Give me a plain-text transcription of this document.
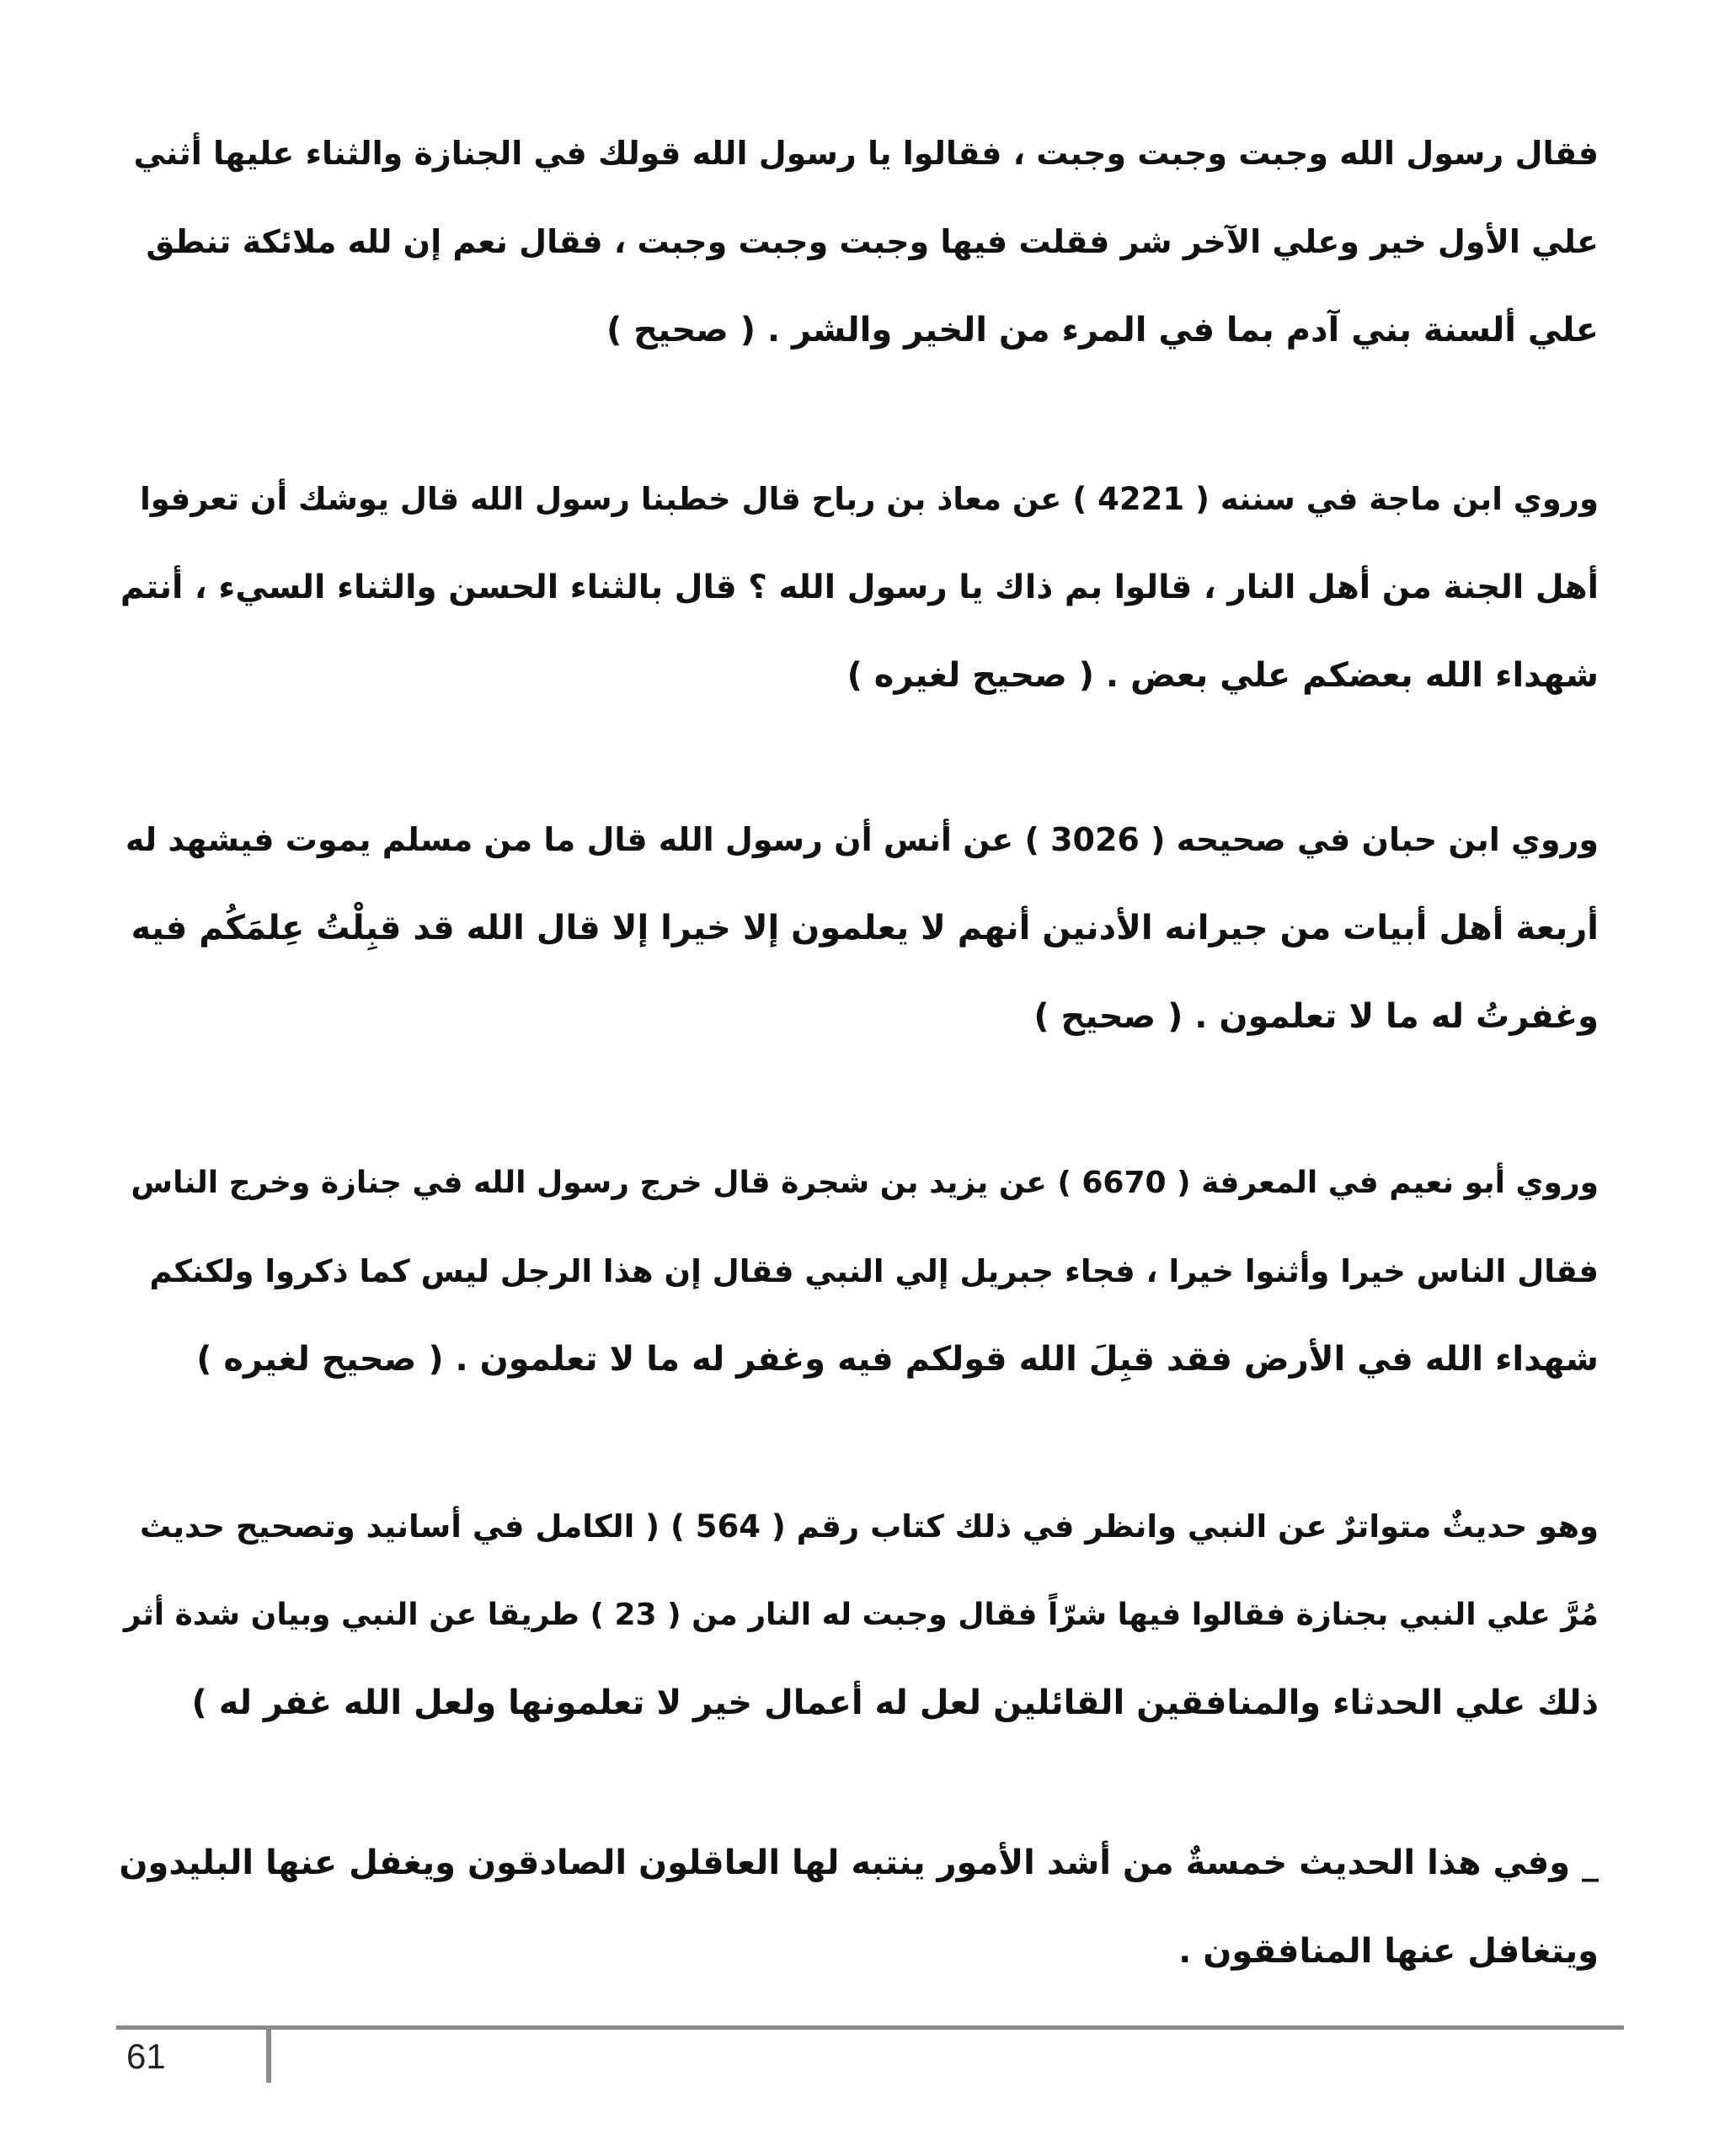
فقال رسول الله وجبت وجبت وجبت ، فقالوا يا رسول الله قولك في الجنازة والثناء عليها أثني
علي الأول خير وعلي الآخر شر فقلت فيها وجبت وجبت وجبت ، فقال نعم إن لله ملائكة تنطق
علي ألسنة بني آدم بما في المرء من الخير والشر . ( صحيح )
وروي ابن ماجة في سننه ( 4221 ) عن معاذ بن رباح قال خطبنا رسول الله قال يوشك أن تعرفوا
أهل الجنة من أهل النار ، قالوا بم ذاك يا رسول الله ؟ قال بالثناء الحسن والثناء السيء ، أنتم
شهداء الله بعضكم علي بعض . ( صحيح لغيره )
وروي ابن حبان في صحيحه ( 3026 ) عن أنس أن رسول الله قال ما من مسلم يموت فيشهد له
أربعة أهل أبيات من جيرانه الأدنين أنهم لا يعلمون إلا خيرا إلا قال الله قد قبِلْتُ عِلمَكُم فيه
وغفرتُ له ما لا تعلمون . ( صحيح )
وروي أبو نعيم في المعرفة ( 6670 ) عن يزيد بن شجرة قال خرج رسول الله في جنازة وخرج الناس
فقال الناس خيرا وأثنوا خيرا ، فجاء جبريل إلي النبي فقال إن هذا الرجل ليس كما ذكروا ولكنكم
شهداء الله في الأرض فقد قبِلَ الله قولكم فيه وغفر له ما لا تعلمون . ( صحيح لغيره )
وهو حديثٌ متواترٌ عن النبي وانظر في ذلك كتاب رقم ( 564 ) ( الكامل في أسانيد وتصحيح حديث
مُرَّ علي النبي بجنازة فقالوا فيها شرّاً فقال وجبت له النار من ( 23 ) طريقا عن النبي وبيان شدة أثر
ذلك علي الحدثاء والمنافقين القائلين لعل له أعمال خير لا تعلمونها ولعل الله غفر له )
_ وفي هذا الحديث خمسةٌ من أشد الأمور ينتبه لها العاقلون الصادقون ويغفل عنها البليدون
ويتغافل عنها المنافقون .
61
